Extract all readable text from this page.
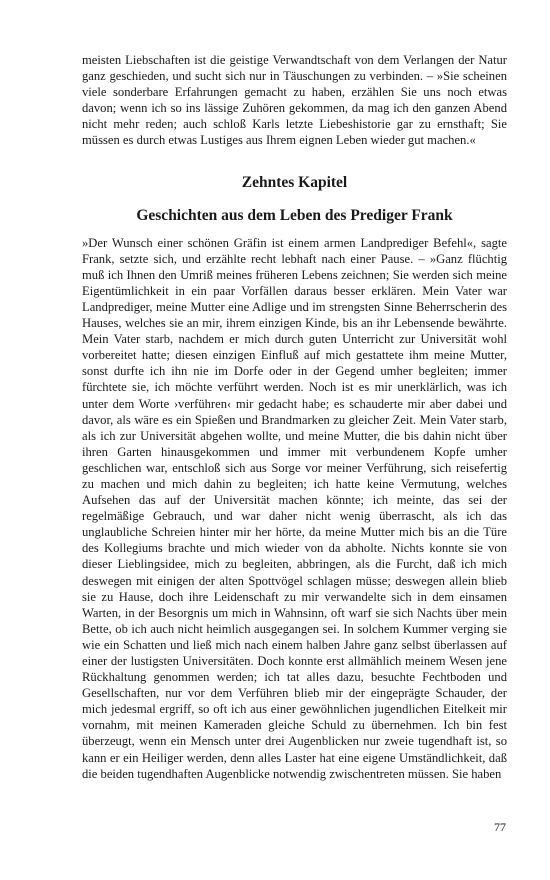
meisten Liebschaften ist die geistige Verwandtschaft von dem Verlangen der Natur ganz geschieden, und sucht sich nur in Täuschungen zu verbinden. – »Sie scheinen viele sonderbare Erfahrungen gemacht zu haben, erzählen Sie uns noch etwas davon; wenn ich so ins lässige Zuhören gekommen, da mag ich den ganzen Abend nicht mehr reden; auch schloß Karls letzte Liebeshistorie gar zu ernsthaft; Sie müssen es durch etwas Lustiges aus Ihrem eignen Leben wieder gut machen.«

Zehntes Kapitel
Geschichten aus dem Leben des Prediger Frank

»Der Wunsch einer schönen Gräfin ist einem armen Landprediger Befehl«, sagte Frank, setzte sich, und erzählte recht lebhaft nach einer Pause. – »Ganz flüchtig muß ich Ihnen den Umriß meines früheren Lebens zeichnen; Sie werden sich meine Eigentümlichkeit in ein paar Vorfällen daraus besser erklären. Mein Vater war Landprediger, meine Mutter eine Adlige und im strengsten Sinne Beherrscherin des Hauses, welches sie an mir, ihrem einzigen Kinde, bis an ihr Lebensende bewährte. Mein Vater starb, nachdem er mich durch guten Unterricht zur Universität wohl vorbereitet hatte; diesen einzigen Einfluß auf mich gestattete ihm meine Mutter, sonst durfte ich ihn nie im Dorfe oder in der Gegend umher begleiten; immer fürchtete sie, ich möchte verführt werden. Noch ist es mir unerklärlich, was ich unter dem Worte ›verführen‹ mir gedacht habe; es schauderte mir aber dabei und davor, als wäre es ein Spießen und Brandmarken zu gleicher Zeit. Mein Vater starb, als ich zur Universität abgehen wollte, und meine Mutter, die bis dahin nicht über ihren Garten hinausgekommen und immer mit verbundenem Kopfe umher geschlichen war, entschloß sich aus Sorge vor meiner Verführung, sich reisefertig zu machen und mich dahin zu begleiten; ich hatte keine Vermutung, welches Aufsehen das auf der Universität machen könnte; ich meinte, das sei der regelmäßige Gebrauch, und war daher nicht wenig überrascht, als ich das unglaubliche Schreien hinter mir her hörte, da meine Mutter mich bis an die Türe des Kollegiums brachte und mich wieder von da abholte. Nichts konnte sie von dieser Lieblingsidee, mich zu begleiten, abbringen, als die Furcht, daß ich mich deswegen mit einigen der alten Spottvögel schlagen müsse; deswegen allein blieb sie zu Hause, doch ihre Leidenschaft zu mir verwandelte sich in dem einsamen Warten, in der Besorgnis um mich in Wahnsinn, oft warf sie sich Nachts über mein Bette, ob ich auch nicht heimlich ausgegangen sei. In solchem Kummer verging sie wie ein Schatten und ließ mich nach einem halben Jahre ganz selbst überlassen auf einer der lustigsten Universitäten. Doch konnte erst allmählich meinem Wesen jene Rückhaltung genommen werden; ich tat alles dazu, besuchte Fechtboden und Gesellschaften, nur vor dem Verführen blieb mir der eingeprägte Schauder, der mich jedesmal ergriff, so oft ich aus einer gewöhnlichen jugendlichen Eitelkeit mir vornahm, mit meinen Kameraden gleiche Schuld zu übernehmen. Ich bin fest überzeugt, wenn ein Mensch unter drei Augenblicken nur zweie tugendhaft ist, so kann er ein Heiliger werden, denn alles Laster hat eine eigene Umständlichkeit, daß die beiden tugendhaften Augenblicke notwendig zwischentreten müssen. Sie haben

77
